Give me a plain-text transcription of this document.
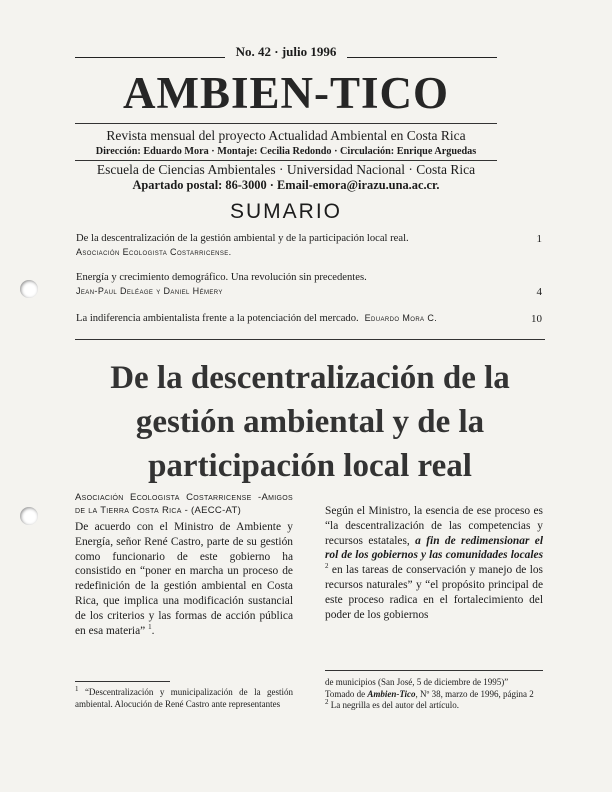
No. 42 · julio 1996
AMBIEN-TICO
Revista mensual del proyecto Actualidad Ambiental en Costa Rica
Dirección: Eduardo Mora · Montaje: Cecilia Redondo · Circulación: Enrique Arguedas
Escuela de Ciencias Ambientales · Universidad Nacional · Costa Rica
Apartado postal: 86-3000 · Email-emora@irazu.una.ac.cr.
SUMARIO
De la descentralización de la gestión ambiental y de la participación local real.
Asociación Ecologista Costarricense.
1
Energía y crecimiento demográfico. Una revolución sin precedentes.
Jean-Paul Deléage y Daniel Hémery	4
La indiferencia ambientalista frente a la potenciación del mercado. Eduardo Mora C.	10
De la descentralización de la
gestión ambiental y de la
participación local real
Asociación Ecologista Costarricense -Amigos de la Tierra Costa Rica - (AECC-AT)
De acuerdo con el Ministro de Ambiente y Energía, señor René Castro, parte de su gestión como funcionario de este gobierno ha consistido en “poner en marcha un proceso de redefinición de la gestión ambiental en Costa Rica, que implica una modificación sustancial de los criterios y las formas de acción pública en esa materia” $^1$.
Según el Ministro, la esencia de ese proceso es “la descentralización de las competencias y recursos estatales, a fin de redimensionar el rol de los gobiernos y las comunidades locales $^2$ en las tareas de conservación y manejo de los recursos naturales” y “el propósito principal de este proceso radica en el fortalecimiento del poder de los gobiernos
$^1$ “Descentralización y municipalización de la gestión ambiental. Alocución de René Castro ante representantes
de municipios (San José, 5 de diciembre de 1995)”
Tomado de Ambien-Tico, Nº 38, marzo de 1996, página 2
$^2$ La negrilla es del autor del artículo.
